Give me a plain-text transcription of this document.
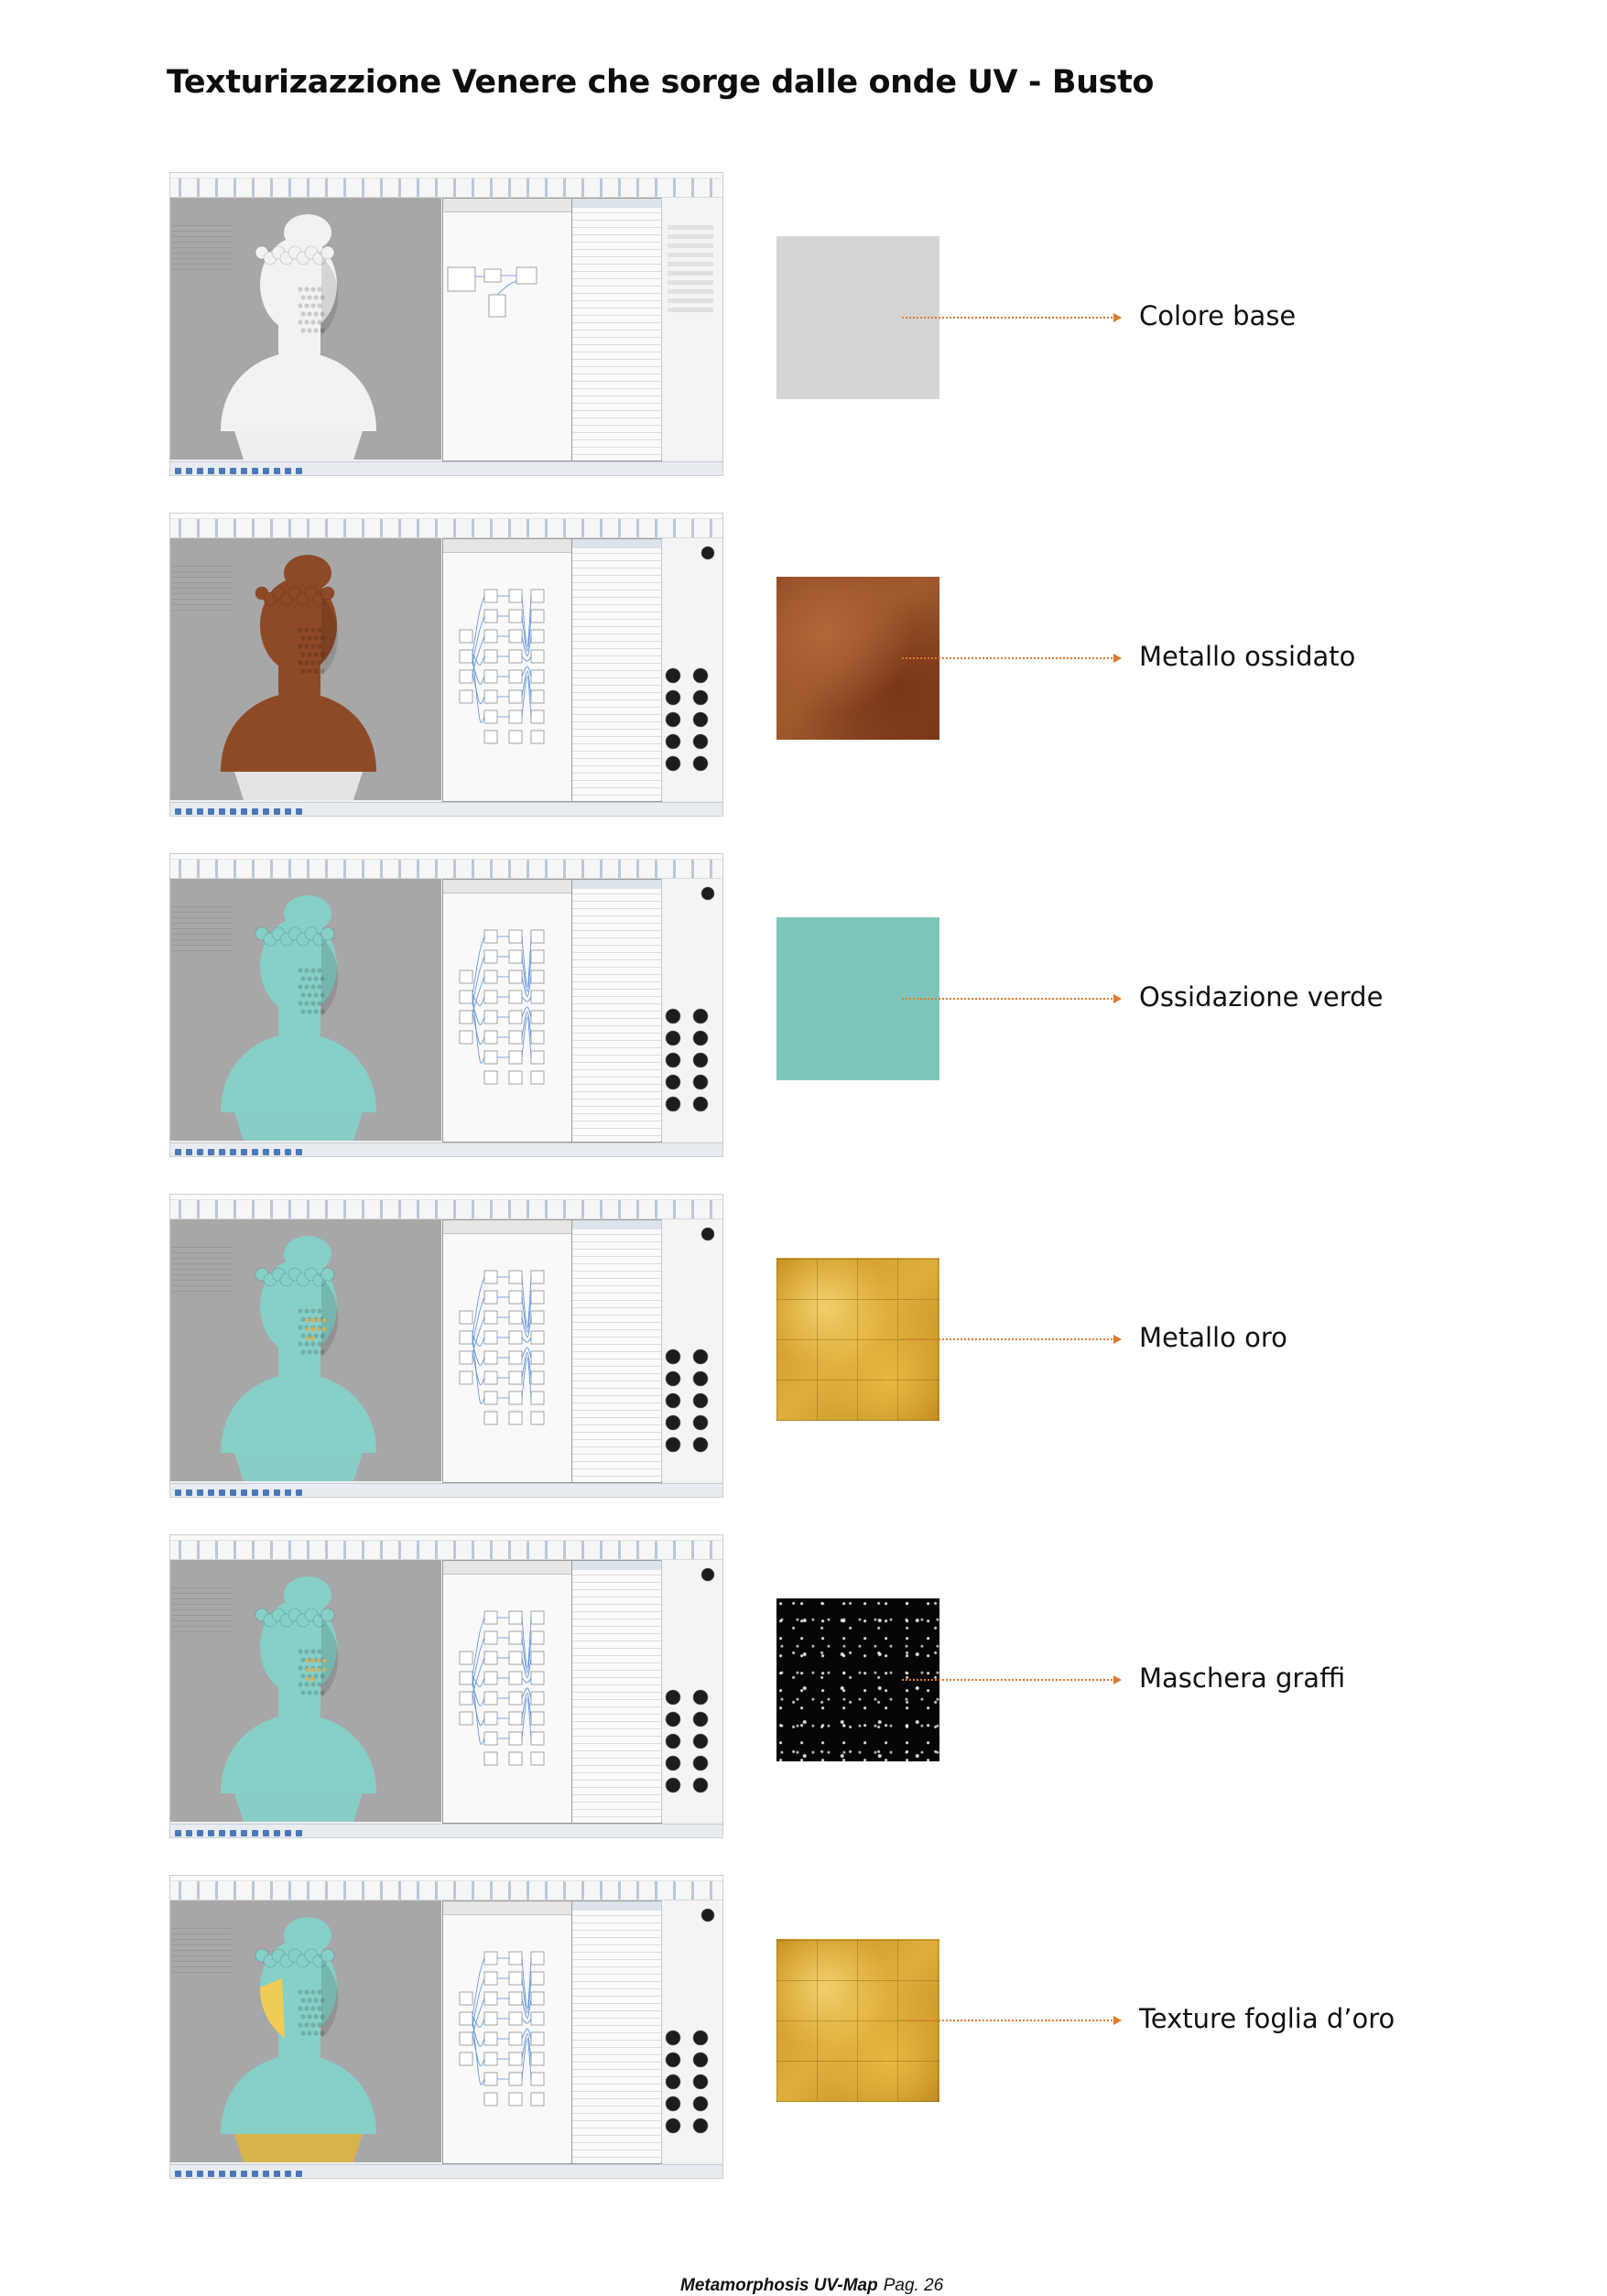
Texturizazzione Venere che sorge dalle onde UV - Busto
Colore base
Metallo ossidato
Ossidazione verde
Metallo oro
Maschera graffi
Texture foglia d’oro
Metamorphosis UV-Map Pag. 26
